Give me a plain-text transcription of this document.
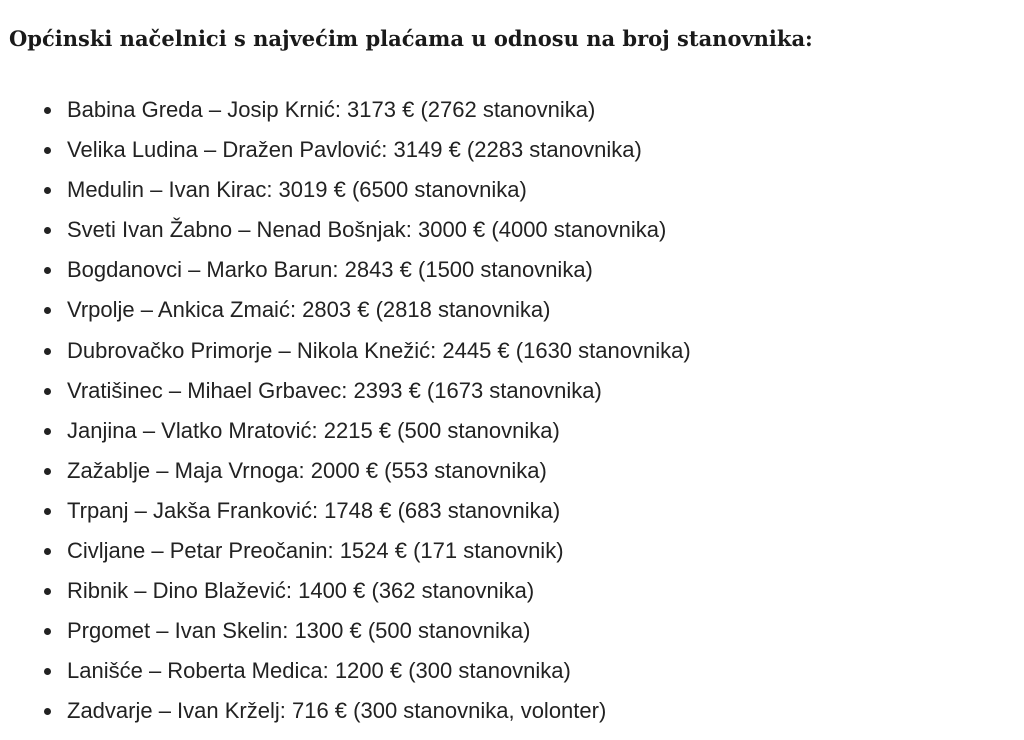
Općinski načelnici s najvećim plaćama u odnosu na broj stanovnika:
Babina Greda – Josip Krnić: 3173 € (2762 stanovnika)
Velika Ludina – Dražen Pavlović: 3149 € (2283 stanovnika)
Medulin – Ivan Kirac: 3019 € (6500 stanovnika)
Sveti Ivan Žabno – Nenad Bošnjak: 3000 € (4000 stanovnika)
Bogdanovci – Marko Barun: 2843 € (1500 stanovnika)
Vrpolje – Ankica Zmaić: 2803 € (2818 stanovnika)
Dubrovačko Primorje – Nikola Knežić: 2445 € (1630 stanovnika)
Vratišinec – Mihael Grbavec: 2393 € (1673 stanovnika)
Janjina – Vlatko Mratović: 2215 € (500 stanovnika)
Zažablje – Maja Vrnoga: 2000 € (553 stanovnika)
Trpanj – Jakša Franković: 1748 € (683 stanovnika)
Civljane – Petar Preočanin: 1524 € (171 stanovnik)
Ribnik – Dino Blažević: 1400 € (362 stanovnika)
Prgomet – Ivan Skelin: 1300 € (500 stanovnika)
Lanišće – Roberta Medica: 1200 € (300 stanovnika)
Zadvarje – Ivan Krželj: 716 € (300 stanovnika, volonter)
